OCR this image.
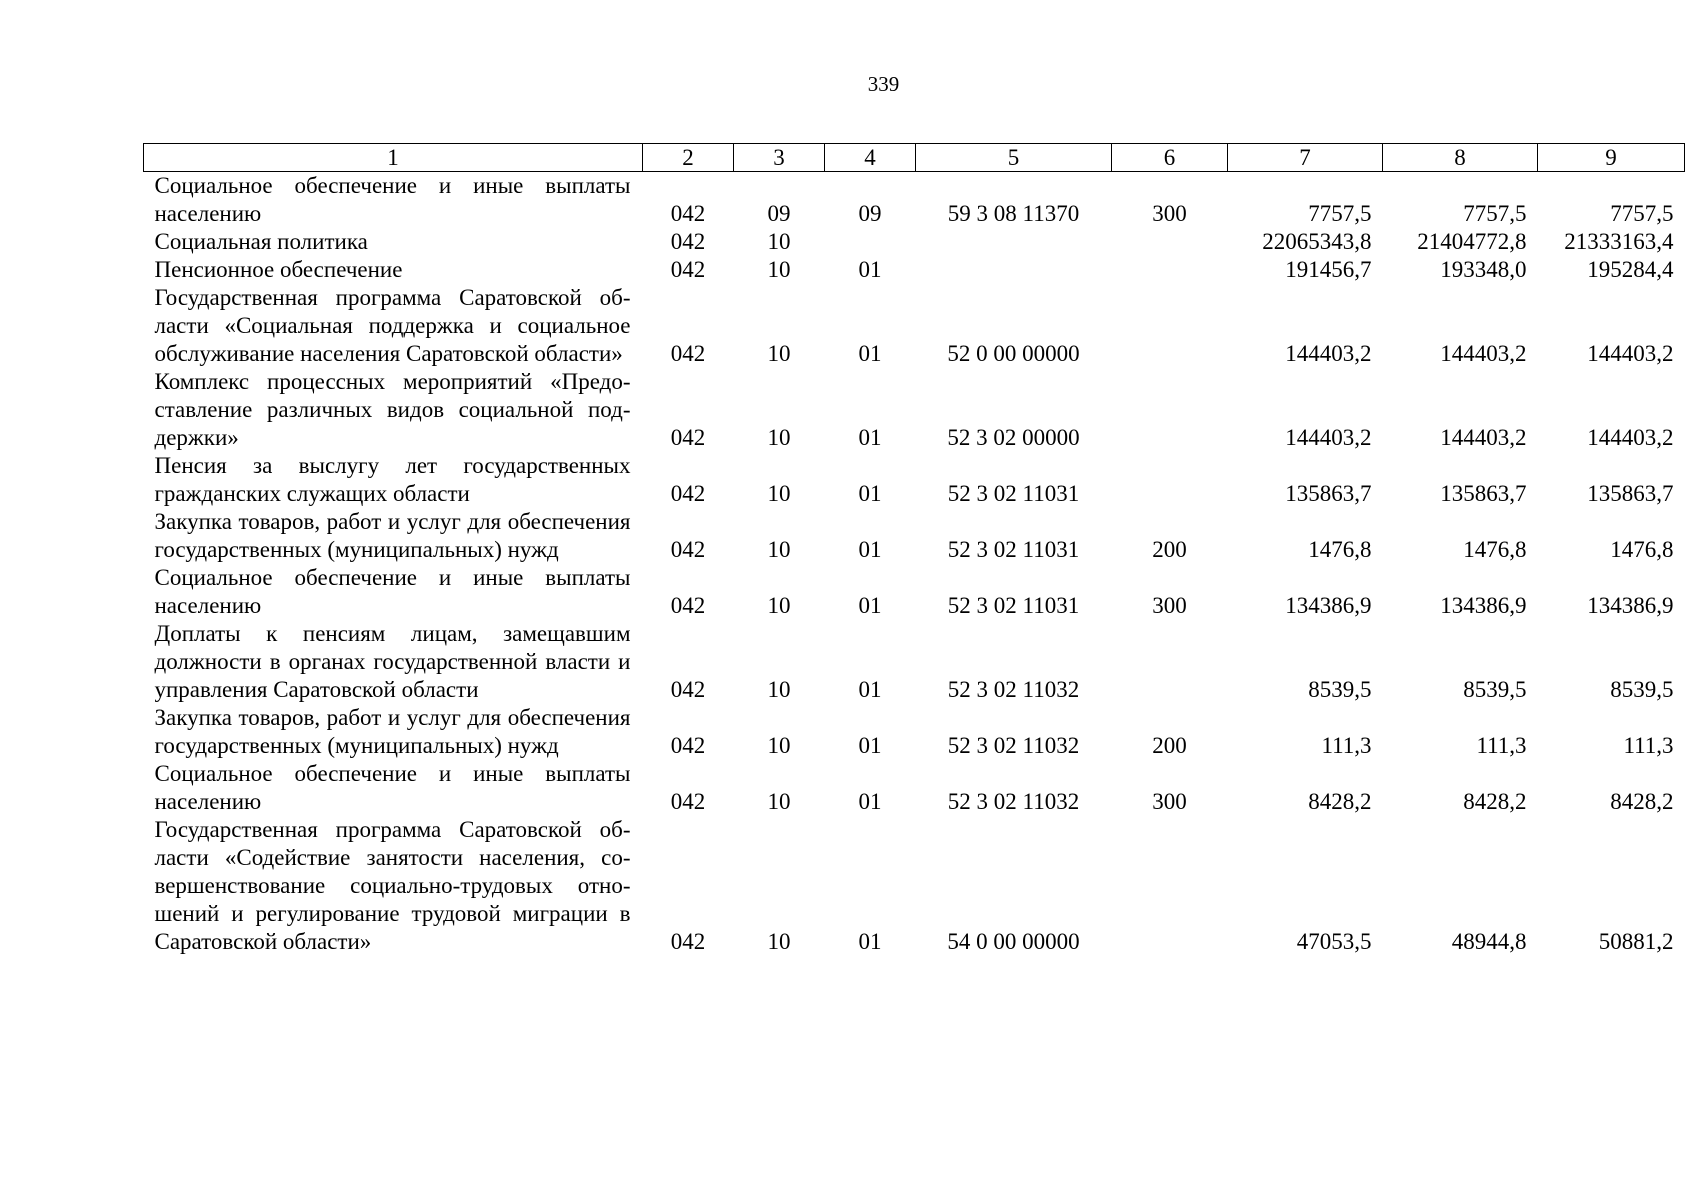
339
1	2	3	4	5	6	7	8	9
Социальное обеспечение и иные выплаты населению	042	09	09	59 3 08 11370	300	7757,5	7757,5	7757,5
Социальная политика	042	10				22065343,8	21404772,8	21333163,4
Пенсионное обеспечение	042	10	01			191456,7	193348,0	195284,4
Государственная программа Саратовской области «Социальная поддержка и социальное обслуживание населения Саратовской области»	042	10	01	52 0 00 00000		144403,2	144403,2	144403,2
Комплекс процессных мероприятий «Предоставление различных видов социальной поддержки»	042	10	01	52 3 02 00000		144403,2	144403,2	144403,2
Пенсия за выслугу лет государственных гражданских служащих области	042	10	01	52 3 02 11031		135863,7	135863,7	135863,7
Закупка товаров, работ и услуг для обеспечения государственных (муниципальных) нужд	042	10	01	52 3 02 11031	200	1476,8	1476,8	1476,8
Социальное обеспечение и иные выплаты населению	042	10	01	52 3 02 11031	300	134386,9	134386,9	134386,9
Доплаты к пенсиям лицам, замещавшим должности в органах государственной власти и управления Саратовской области	042	10	01	52 3 02 11032		8539,5	8539,5	8539,5
Закупка товаров, работ и услуг для обеспечения государственных (муниципальных) нужд	042	10	01	52 3 02 11032	200	111,3	111,3	111,3
Социальное обеспечение и иные выплаты населению	042	10	01	52 3 02 11032	300	8428,2	8428,2	8428,2
Государственная программа Саратовской области «Содействие занятости населения, совершенствование социально-трудовых отношений и регулирование трудовой миграции в Саратовской области»	042	10	01	54 0 00 00000		47053,5	48944,8	50881,2
